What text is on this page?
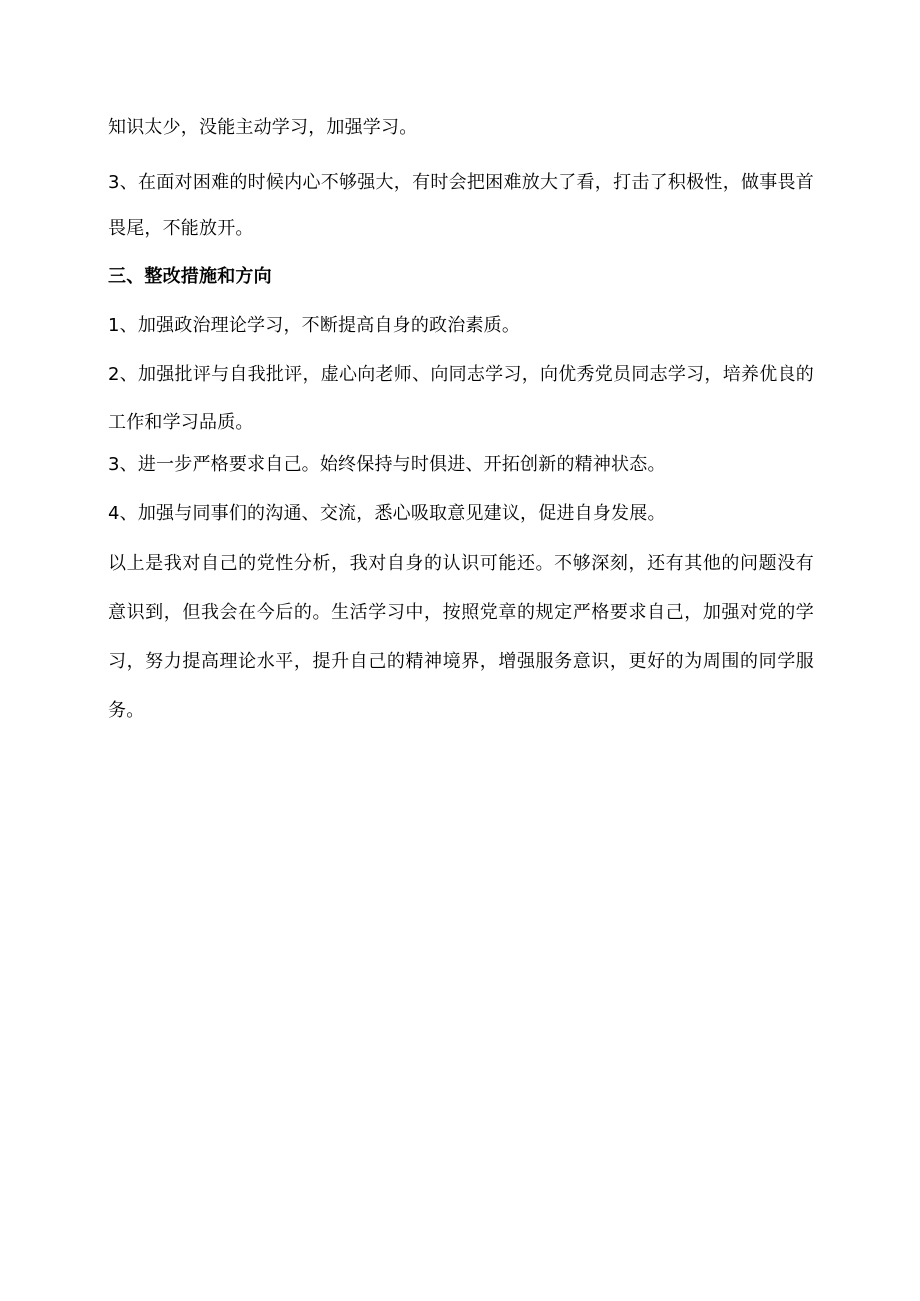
知识太少，没能主动学习，加强学习。

3、在面对困难的时候内心不够强大，有时会把困难放大了看，打击了积极性，做事畏首畏尾，不能放开。

三、整改措施和方向

1、加强政治理论学习，不断提高自身的政治素质。

2、加强批评与自我批评，虚心向老师、向同志学习，向优秀党员同志学习，培养优良的工作和学习品质。

3、进一步严格要求自己。始终保持与时俱进、开拓创新的精神状态。

4、加强与同事们的沟通、交流，悉心吸取意见建议，促进自身发展。

以上是我对自己的党性分析，我对自身的认识可能还。不够深刻，还有其他的问题没有意识到，但我会在今后的。生活学习中，按照党章的规定严格要求自己，加强对党的学习，努力提高理论水平，提升自己的精神境界，增强服务意识，更好的为周围的同学服务。
